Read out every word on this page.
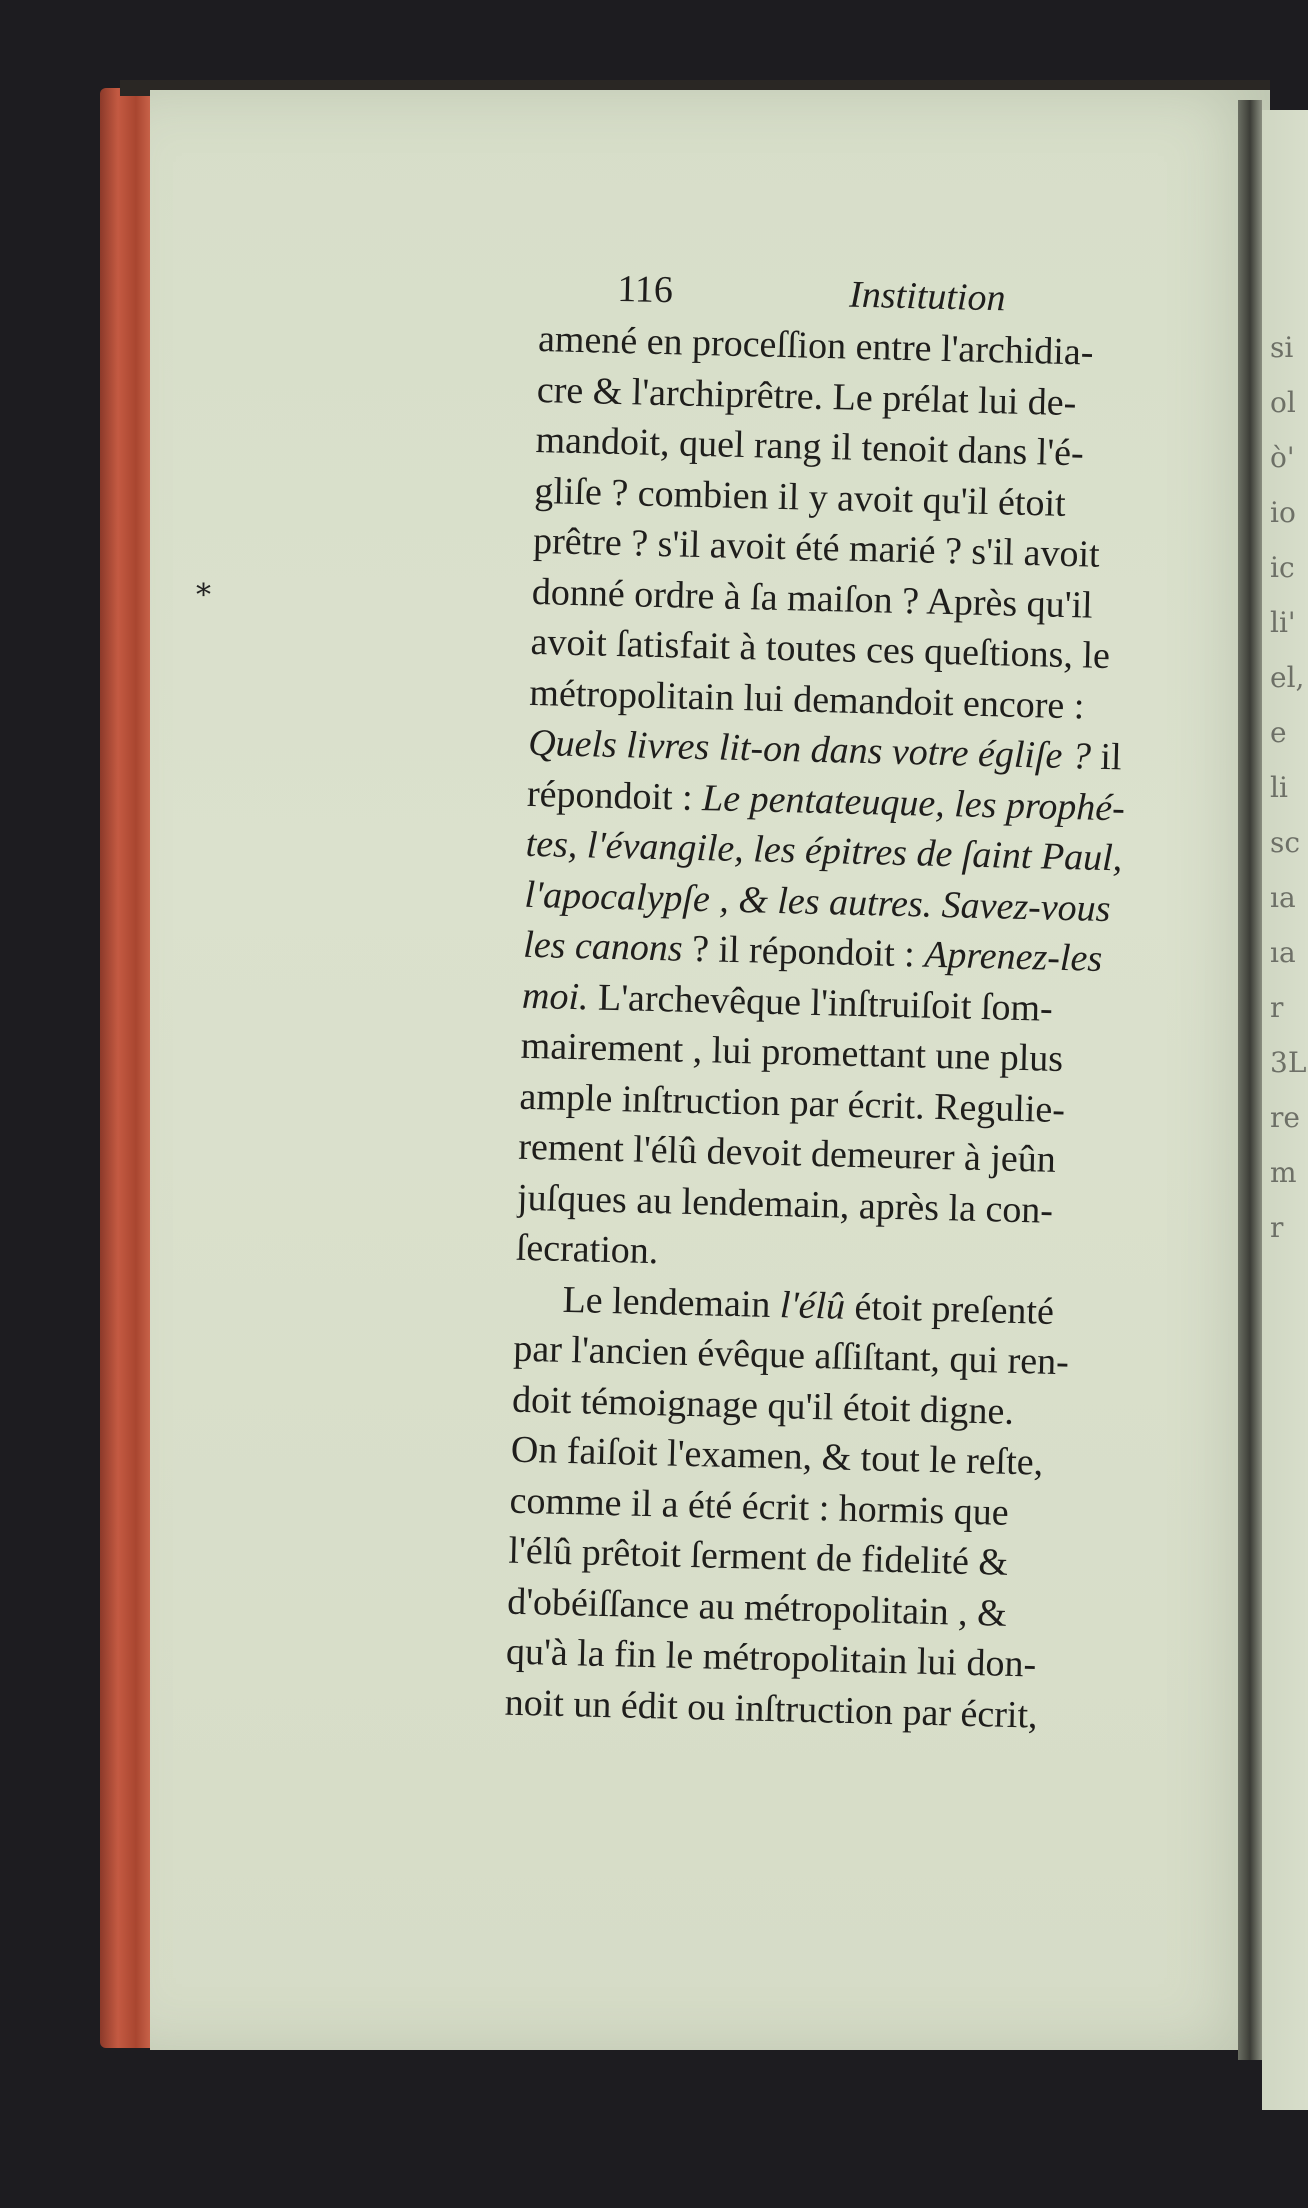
si
ol
ò'
io
ic
li'
el,
e
li
sc
ıa
ıa
r
3L
re
m
r
*
116	Institution
amené en proceſſion entre l'archidia-
cre & l'archiprêtre. Le prélat lui de-
mandoit, quel rang il tenoit dans l'é-
gliſe ? combien il y avoit qu'il étoit
prêtre ? s'il avoit été marié ? s'il avoit
donné ordre à ſa maiſon ? Après qu'il
avoit ſatisfait à toutes ces queſtions, le
métropolitain lui demandoit encore :
Quels livres lit-on dans votre égliſe ? il
répondoit : Le pentateuque, les prophé-
tes, l'évangile, les épitres de ſaint Paul,
l'apocalypſe , & les autres. Savez-vous
les canons ? il répondoit : Aprenez-les
moi. L'archevêque l'inſtruiſoit ſom-
mairement , lui promettant une plus
ample inſtruction par écrit. Regulie-
rement l'élû devoit demeurer à jeûn
juſques au lendemain, après la con-
ſecration.
Le lendemain l'élû étoit preſenté
par l'ancien évêque aſſiſtant, qui ren-
doit témoignage qu'il étoit digne.
On faiſoit l'examen, & tout le reſte,
comme il a été écrit : hormis que
l'élû prêtoit ſerment de fidelité &
d'obéiſſance au métropolitain , &
qu'à la fin le métropolitain lui don-
noit un édit ou inſtruction par écrit,
